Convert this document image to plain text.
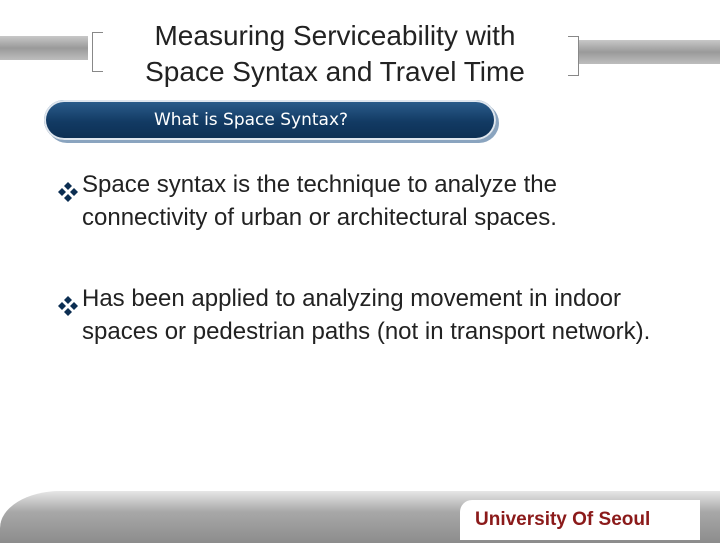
Measuring Serviceability with
Space Syntax and Travel Time
What is Space Syntax?
Space syntax is the technique to analyze the connectivity of urban or architectural spaces.
Has been applied to analyzing movement in indoor spaces or pedestrian paths (not in transport network).
University Of Seoul
